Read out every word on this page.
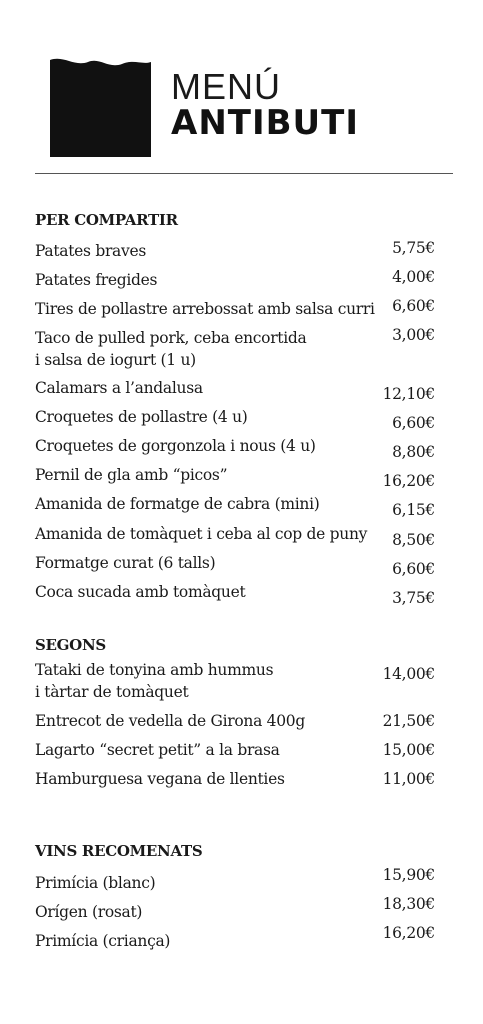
MENÚ
ANTIBUTI
PER COMPARTIR
Patates braves	5,75€
Patates fregides	4,00€
Tires de pollastre arrebossat amb salsa curri 6,60€
Taco de pulled pork, ceba encortida
i salsa de iogurt (1 u)
3,00€
Calamars a l’andalusa	12,10€
Croquetes de pollastre (4 u)	6,60€
Croquetes de gorgonzola i nous (4 u)	8,80€
Pernil de gla amb “picos”	16,20€
Amanida de formatge de cabra (mini)	6,15€
Amanida de tomàquet i ceba al cop de puny	8,50€
Formatge curat (6 talls)	6,60€
Coca sucada amb tomàquet	3,75€
SEGONS
Tataki de tonyina amb hummus
i tàrtar de tomàquet
14,00€
Entrecot de vedella de Girona 400g	21,50€
Lagarto “secret petit” a la brasa	15,00€
Hamburguesa vegana de llenties	11,00€
VINS RECOMENATS
Primícia (blanc)	15,90€
Orígen (rosat)	18,30€
Primícia (criança)	16,20€
